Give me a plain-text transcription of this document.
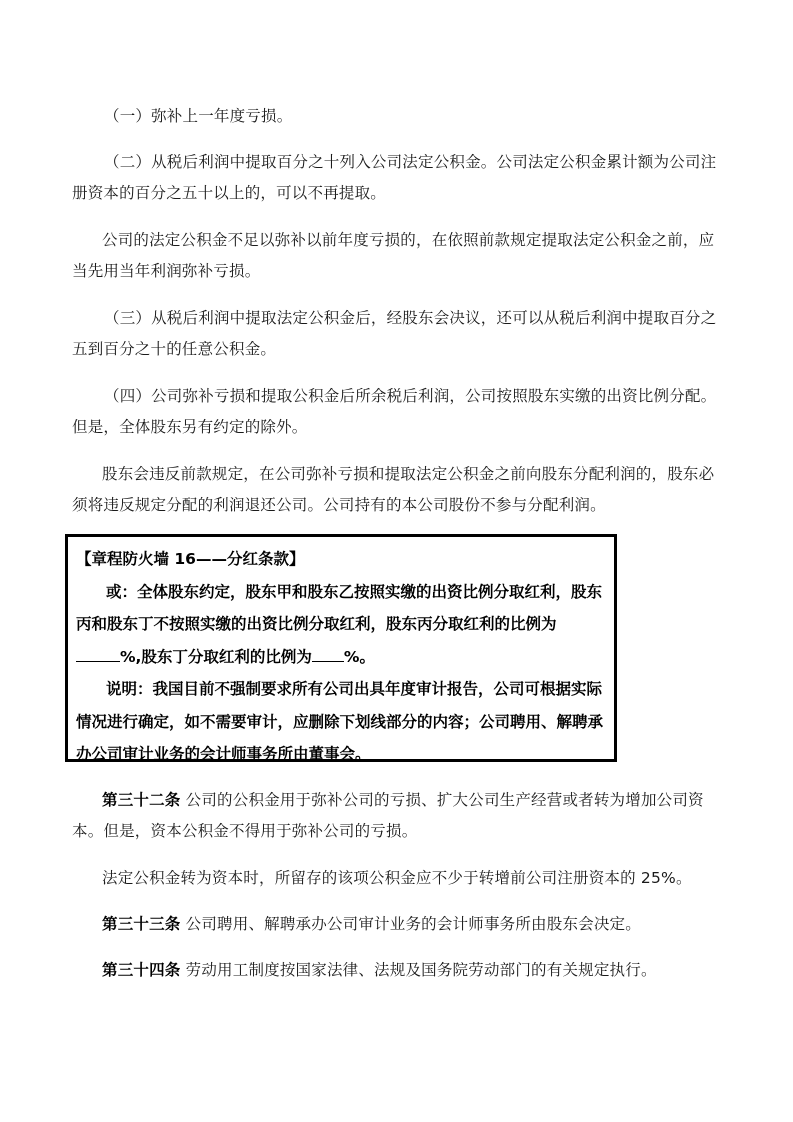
（一）弥补上一年度亏损。

（二）从税后利润中提取百分之十列入公司法定公积金。公司法定公积金累计额为公司注
册资本的百分之五十以上的，可以不再提取。

公司的法定公积金不足以弥补以前年度亏损的，在依照前款规定提取法定公积金之前，应
当先用当年利润弥补亏损。

（三）从税后利润中提取法定公积金后，经股东会决议，还可以从税后利润中提取百分之
五到百分之十的任意公积金。

（四）公司弥补亏损和提取公积金后所余税后利润，公司按照股东实缴的出资比例分配。
但是，全体股东另有约定的除外。

股东会违反前款规定，在公司弥补亏损和提取法定公积金之前向股东分配利润的，股东必
须将违反规定分配的利润退还公司。公司持有的本公司股份不参与分配利润。

【章程防火墙 16——分红条款】
或：全体股东约定，股东甲和股东乙按照实缴的出资比例分取红利，股东
丙和股东丁不按照实缴的出资比例分取红利，股东丙分取红利的比例为
%,股东丁分取红利的比例为 %。
说明：我国目前不强制要求所有公司出具年度审计报告，公司可根据实际
情况进行确定，如不需要审计，应删除下划线部分的内容；公司聘用、解聘承
办公司审计业务的会计师事务所由董事会。

第三十二条 公司的公积金用于弥补公司的亏损、扩大公司生产经营或者转为增加公司资
本。但是，资本公积金不得用于弥补公司的亏损。

法定公积金转为资本时，所留存的该项公积金应不少于转增前公司注册资本的 25%。

第三十三条 公司聘用、解聘承办公司审计业务的会计师事务所由股东会决定。

第三十四条 劳动用工制度按国家法律、法规及国务院劳动部门的有关规定执行。
